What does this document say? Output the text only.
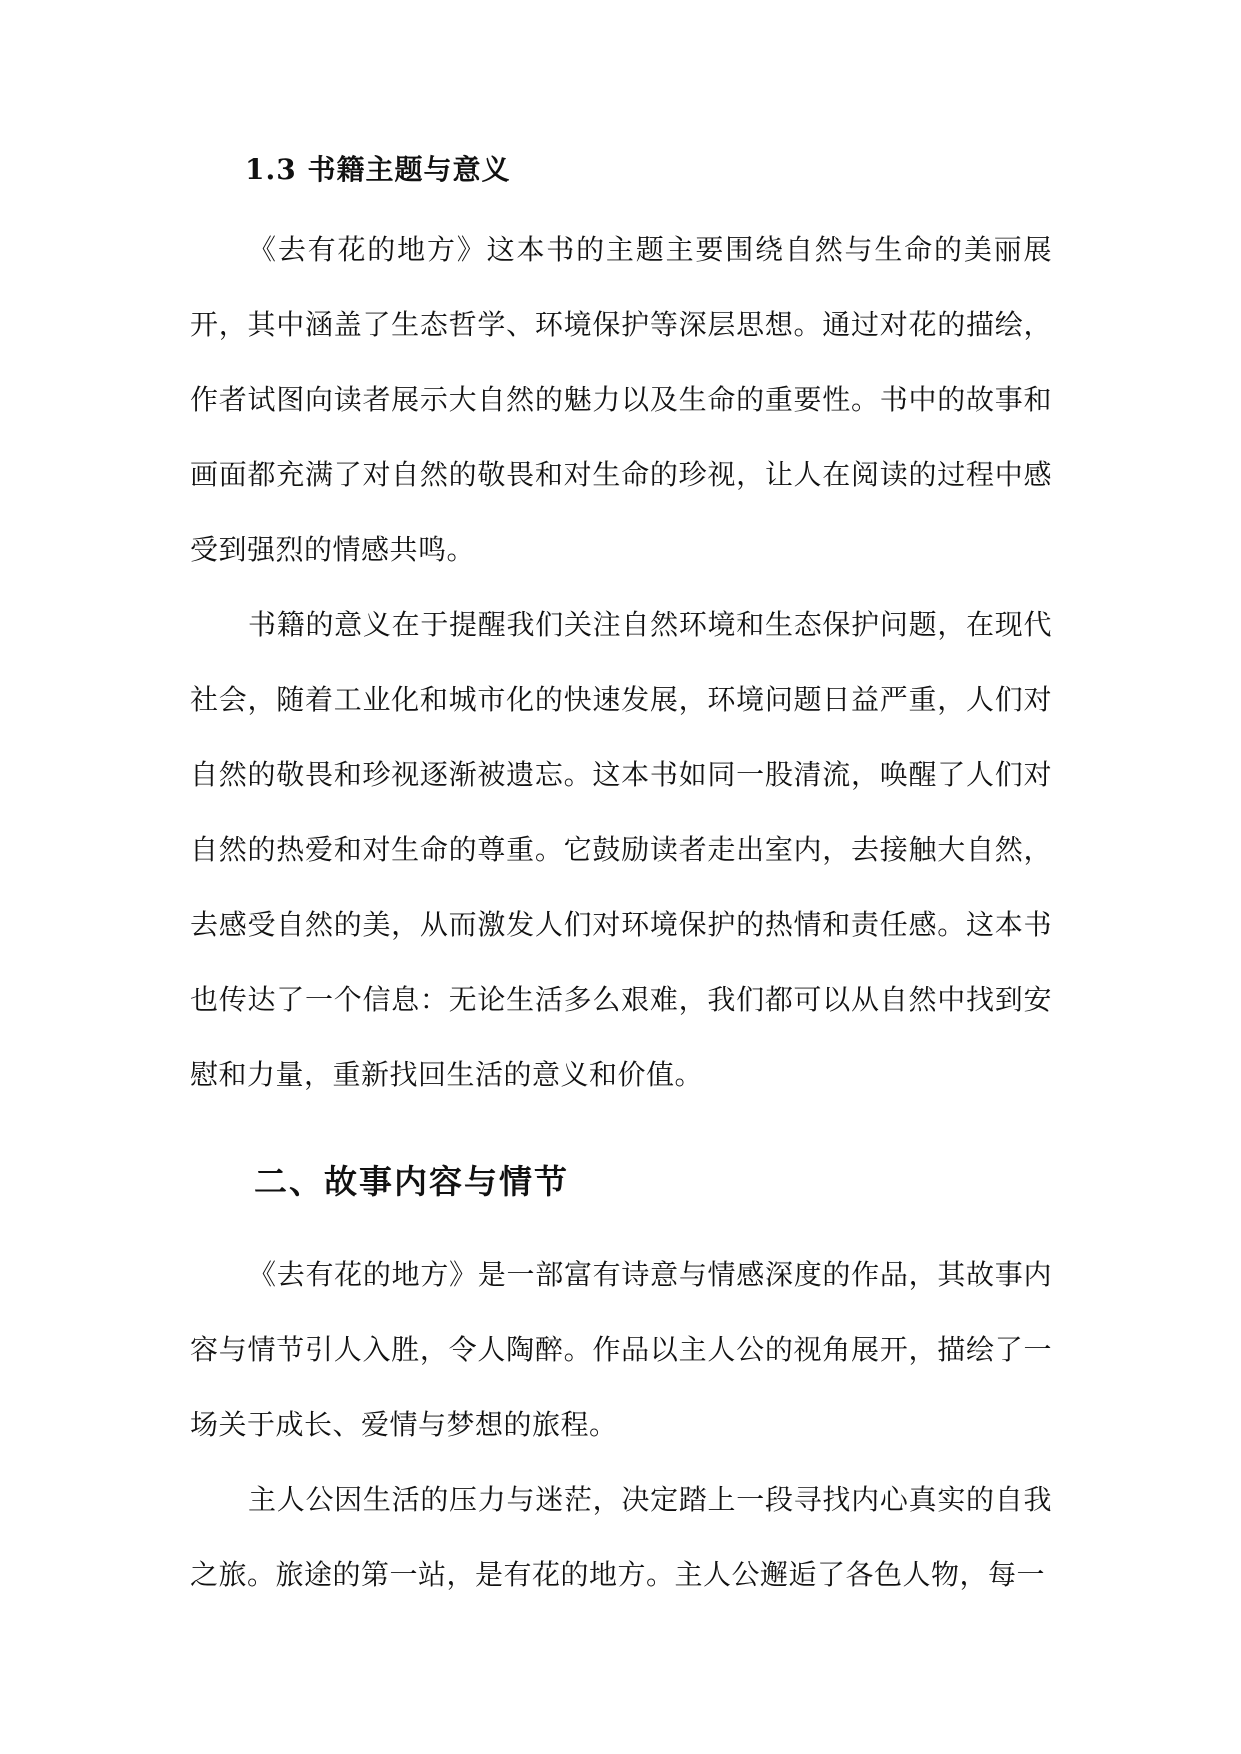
1.3 书籍主题与意义

《去有花的地方》这本书的主题主要围绕自然与生命的美丽展开，其中涵盖了生态哲学、环境保护等深层思想。通过对花的描绘，作者试图向读者展示大自然的魅力以及生命的重要性。书中的故事和画面都充满了对自然的敬畏和对生命的珍视，让人在阅读的过程中感受到强烈的情感共鸣。

书籍的意义在于提醒我们关注自然环境和生态保护问题，在现代社会，随着工业化和城市化的快速发展，环境问题日益严重，人们对自然的敬畏和珍视逐渐被遗忘。这本书如同一股清流，唤醒了人们对自然的热爱和对生命的尊重。它鼓励读者走出室内，去接触大自然，去感受自然的美，从而激发人们对环境保护的热情和责任感。这本书也传达了一个信息：无论生活多么艰难，我们都可以从自然中找到安慰和力量，重新找回生活的意义和价值。

二、故事内容与情节

《去有花的地方》是一部富有诗意与情感深度的作品，其故事内容与情节引人入胜，令人陶醉。作品以主人公的视角展开，描绘了一场关于成长、爱情与梦想的旅程。

主人公因生活的压力与迷茫，决定踏上一段寻找内心真实的自我之旅。旅途的第一站，是有花的地方。主人公邂逅了各色人物，每一
